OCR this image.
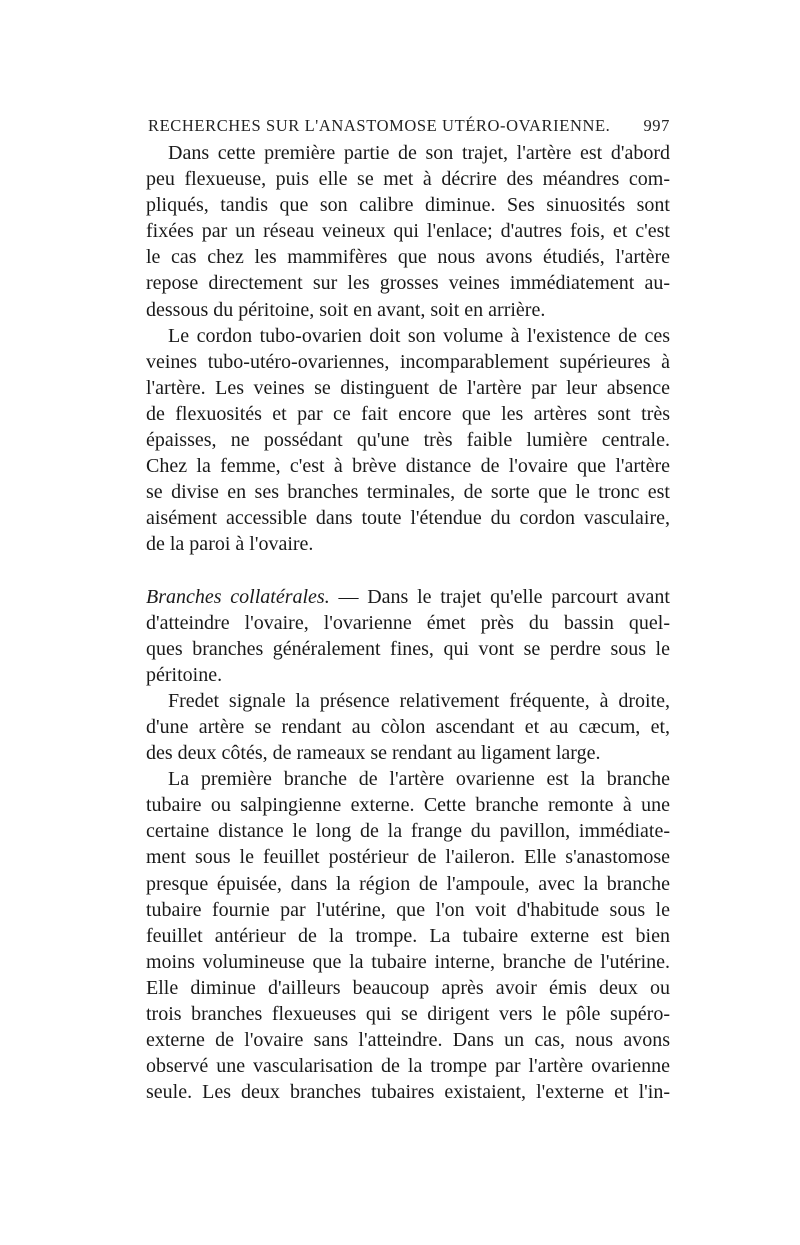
RECHERCHES SUR L'ANASTOMOSE UTÉRO-OVARIENNE. 997

Dans cette première partie de son trajet, l'artère est d'abord
peu flexueuse, puis elle se met à décrire des méandres com-
pliqués, tandis que son calibre diminue. Ses sinuosités sont
fixées par un réseau veineux qui l'enlace; d'autres fois, et c'est
le cas chez les mammifères que nous avons étudiés, l'artère
repose directement sur les grosses veines immédiatement au-
dessous du péritoine, soit en avant, soit en arrière.

Le cordon tubo-ovarien doit son volume à l'existence de ces
veines tubo-utéro-ovariennes, incomparablement supérieures à
l'artère. Les veines se distinguent de l'artère par leur absence
de flexuosités et par ce fait encore que les artères sont très
épaisses, ne possédant qu'une très faible lumière centrale.
Chez la femme, c'est à brève distance de l'ovaire que l'artère
se divise en ses branches terminales, de sorte que le tronc est
aisément accessible dans toute l'étendue du cordon vasculaire,
de la paroi à l'ovaire.

Branches collatérales. — Dans le trajet qu'elle parcourt avant
d'atteindre l'ovaire, l'ovarienne émet près du bassin quel-
ques branches généralement fines, qui vont se perdre sous le
péritoine.

Fredet signale la présence relativement fréquente, à droite,
d'une artère se rendant au còlon ascendant et au cæcum, et,
des deux côtés, de rameaux se rendant au ligament large.

La première branche de l'artère ovarienne est la branche
tubaire ou salpingienne externe. Cette branche remonte à une
certaine distance le long de la frange du pavillon, immédiate-
ment sous le feuillet postérieur de l'aileron. Elle s'anastomose
presque épuisée, dans la région de l'ampoule, avec la branche
tubaire fournie par l'utérine, que l'on voit d'habitude sous le
feuillet antérieur de la trompe. La tubaire externe est bien
moins volumineuse que la tubaire interne, branche de l'utérine.
Elle diminue d'ailleurs beaucoup après avoir émis deux ou
trois branches flexueuses qui se dirigent vers le pôle supéro-
externe de l'ovaire sans l'atteindre. Dans un cas, nous avons
observé une vascularisation de la trompe par l'artère ovarienne
seule. Les deux branches tubaires existaient, l'externe et l'in-
